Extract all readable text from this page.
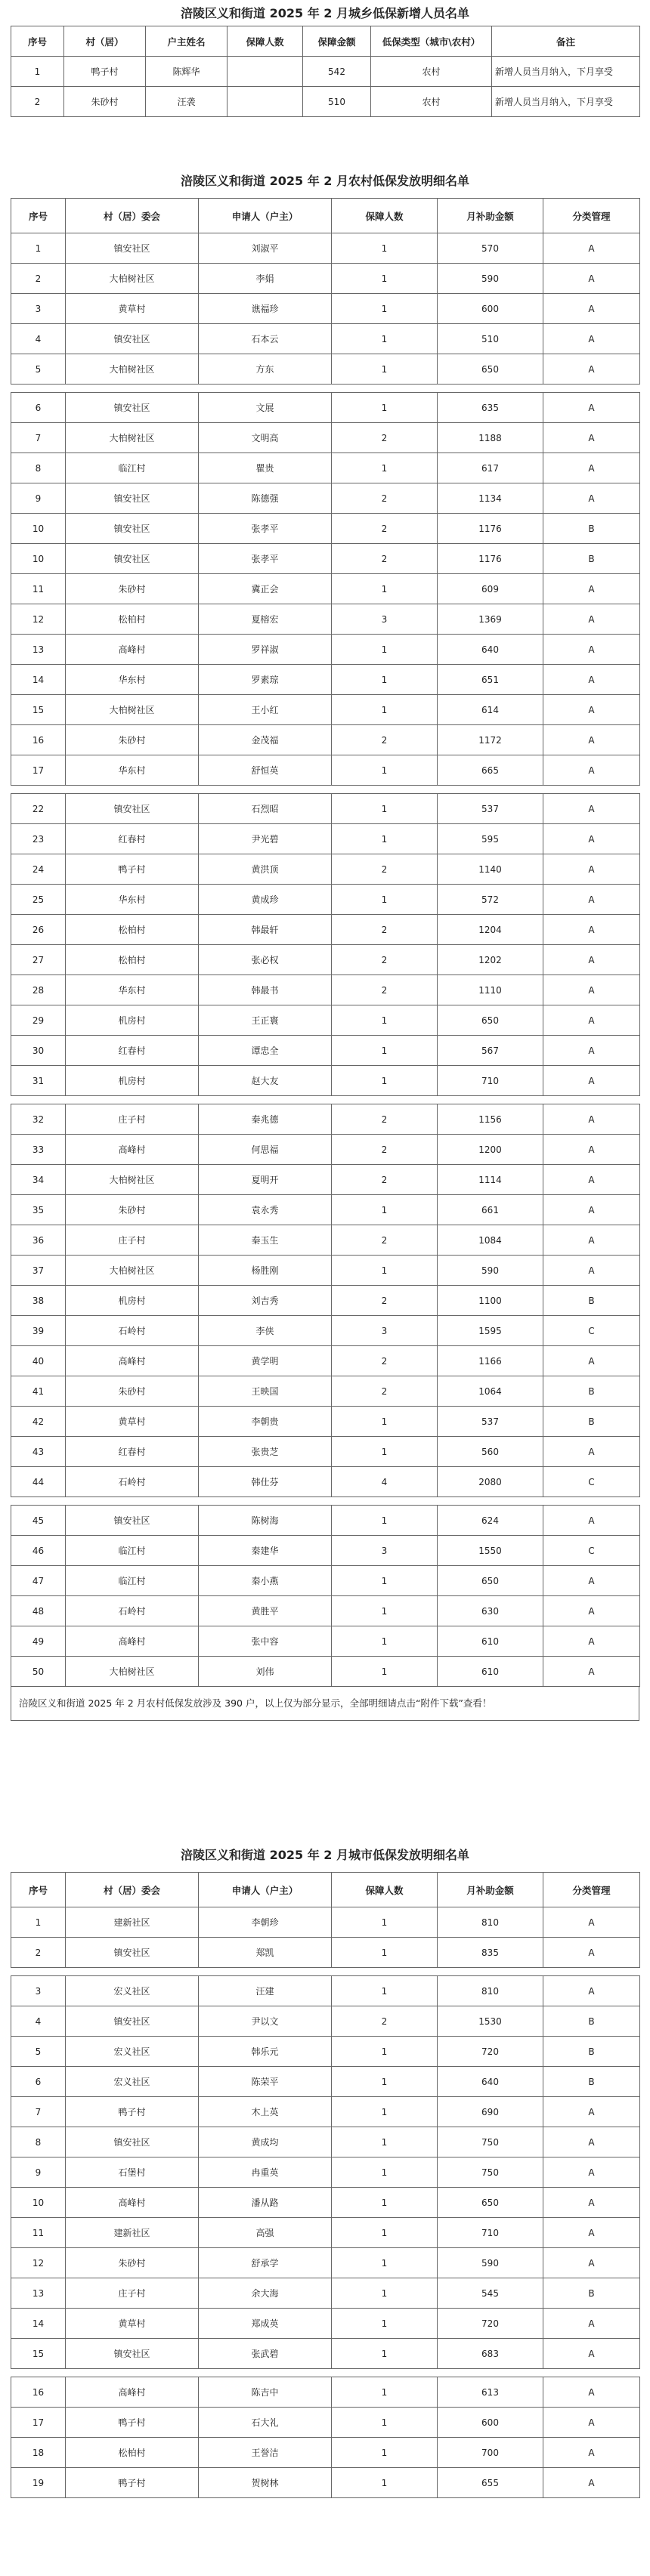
涪陵区义和街道 2025 年 2 月城乡低保新增人员名单
序号	村（居）	户主姓名	保障人数	保障金额	低保类型（城市\农村）	备注
1	鸭子村	陈辉华		542	农村	新增人员当月纳入，下月享受
2	朱砂村	汪袭		510	农村	新增人员当月纳入，下月享受
涪陵区义和街道 2025 年 2 月农村低保发放明细名单
序号	村（居）委会	申请人（户主）	保障人数	月补助金额	分类管理
1	镇安社区	刘淑平	1	570	A
2	大柏树社区	李娟	1	590	A
3	黄草村	谯福珍	1	600	A
4	镇安社区	石本云	1	510	A
5	大柏树社区	方东	1	650	A

6	镇安社区	文展	1	635	A
7	大柏树社区	文明高	2	1188	A
8	临江村	瞿贵	1	617	A
9	镇安社区	陈德强	2	1134	A
10	镇安社区	张孝平	2	1176	B
10	镇安社区	张孝平	2	1176	B
11	朱砂村	冀正会	1	609	A
12	松柏村	夏榕宏	3	1369	A
13	高峰村	罗祥淑	1	640	A
14	华东村	罗素琼	1	651	A
15	大柏树社区	王小红	1	614	A
16	朱砂村	金茂福	2	1172	A
17	华东村	舒恒英	1	665	A

22	镇安社区	石烈昭	1	537	A
23	红春村	尹光碧	1	595	A
24	鸭子村	黄洪顶	2	1140	A
25	华东村	黄成珍	1	572	A
26	松柏村	韩最轩	2	1204	A
27	松柏村	张必权	2	1202	A
28	华东村	韩最书	2	1110	A
29	机房村	王正寰	1	650	A
30	红春村	谭忠全	1	567	A
31	机房村	赵大友	1	710	A

32	庄子村	秦兆德	2	1156	A
33	高峰村	何思福	2	1200	A
34	大柏树社区	夏明开	2	1114	A
35	朱砂村	袁永秀	1	661	A
36	庄子村	秦玉生	2	1084	A
37	大柏树社区	杨胜刚	1	590	A
38	机房村	刘吉秀	2	1100	B
39	石岭村	李侠	3	1595	C
40	高峰村	黄学明	2	1166	A
41	朱砂村	王映国	2	1064	B
42	黄草村	李朝贵	1	537	B
43	红春村	张贵芝	1	560	A
44	石岭村	韩仕芬	4	2080	C

45	镇安社区	陈树海	1	624	A
46	临江村	秦建华	3	1550	C
47	临江村	秦小燕	1	650	A
48	石岭村	黄胜平	1	630	A
49	高峰村	张中容	1	610	A
50	大柏树社区	刘伟	1	610	A
涪陵区义和街道 2025 年 2 月农村低保发放涉及 390 户，以上仅为部分显示，全部明细请点击“附件下载”查看！
涪陵区义和街道 2025 年 2 月城市低保发放明细名单
序号	村（居）委会	申请人（户主）	保障人数	月补助金额	分类管理
1	建新社区	李朝珍	1	810	A
2	镇安社区	郑凯	1	835	A

3	宏义社区	汪建	1	810	A
4	镇安社区	尹以文	2	1530	B
5	宏义社区	韩乐元	1	720	B
6	宏义社区	陈荣平	1	640	B
7	鸭子村	木上英	1	690	A
8	镇安社区	黄成均	1	750	A
9	石堡村	冉重英	1	750	A
10	高峰村	潘从路	1	650	A
11	建新社区	高强	1	710	A
12	朱砂村	舒承学	1	590	A
13	庄子村	余大海	1	545	B
14	黄草村	郑成英	1	720	A
15	镇安社区	张武碧	1	683	A

16	高峰村	陈吉中	1	613	A
17	鸭子村	石大礼	1	600	A
18	松柏村	王誉洁	1	700	A
19	鸭子村	贺树林	1	655	A
